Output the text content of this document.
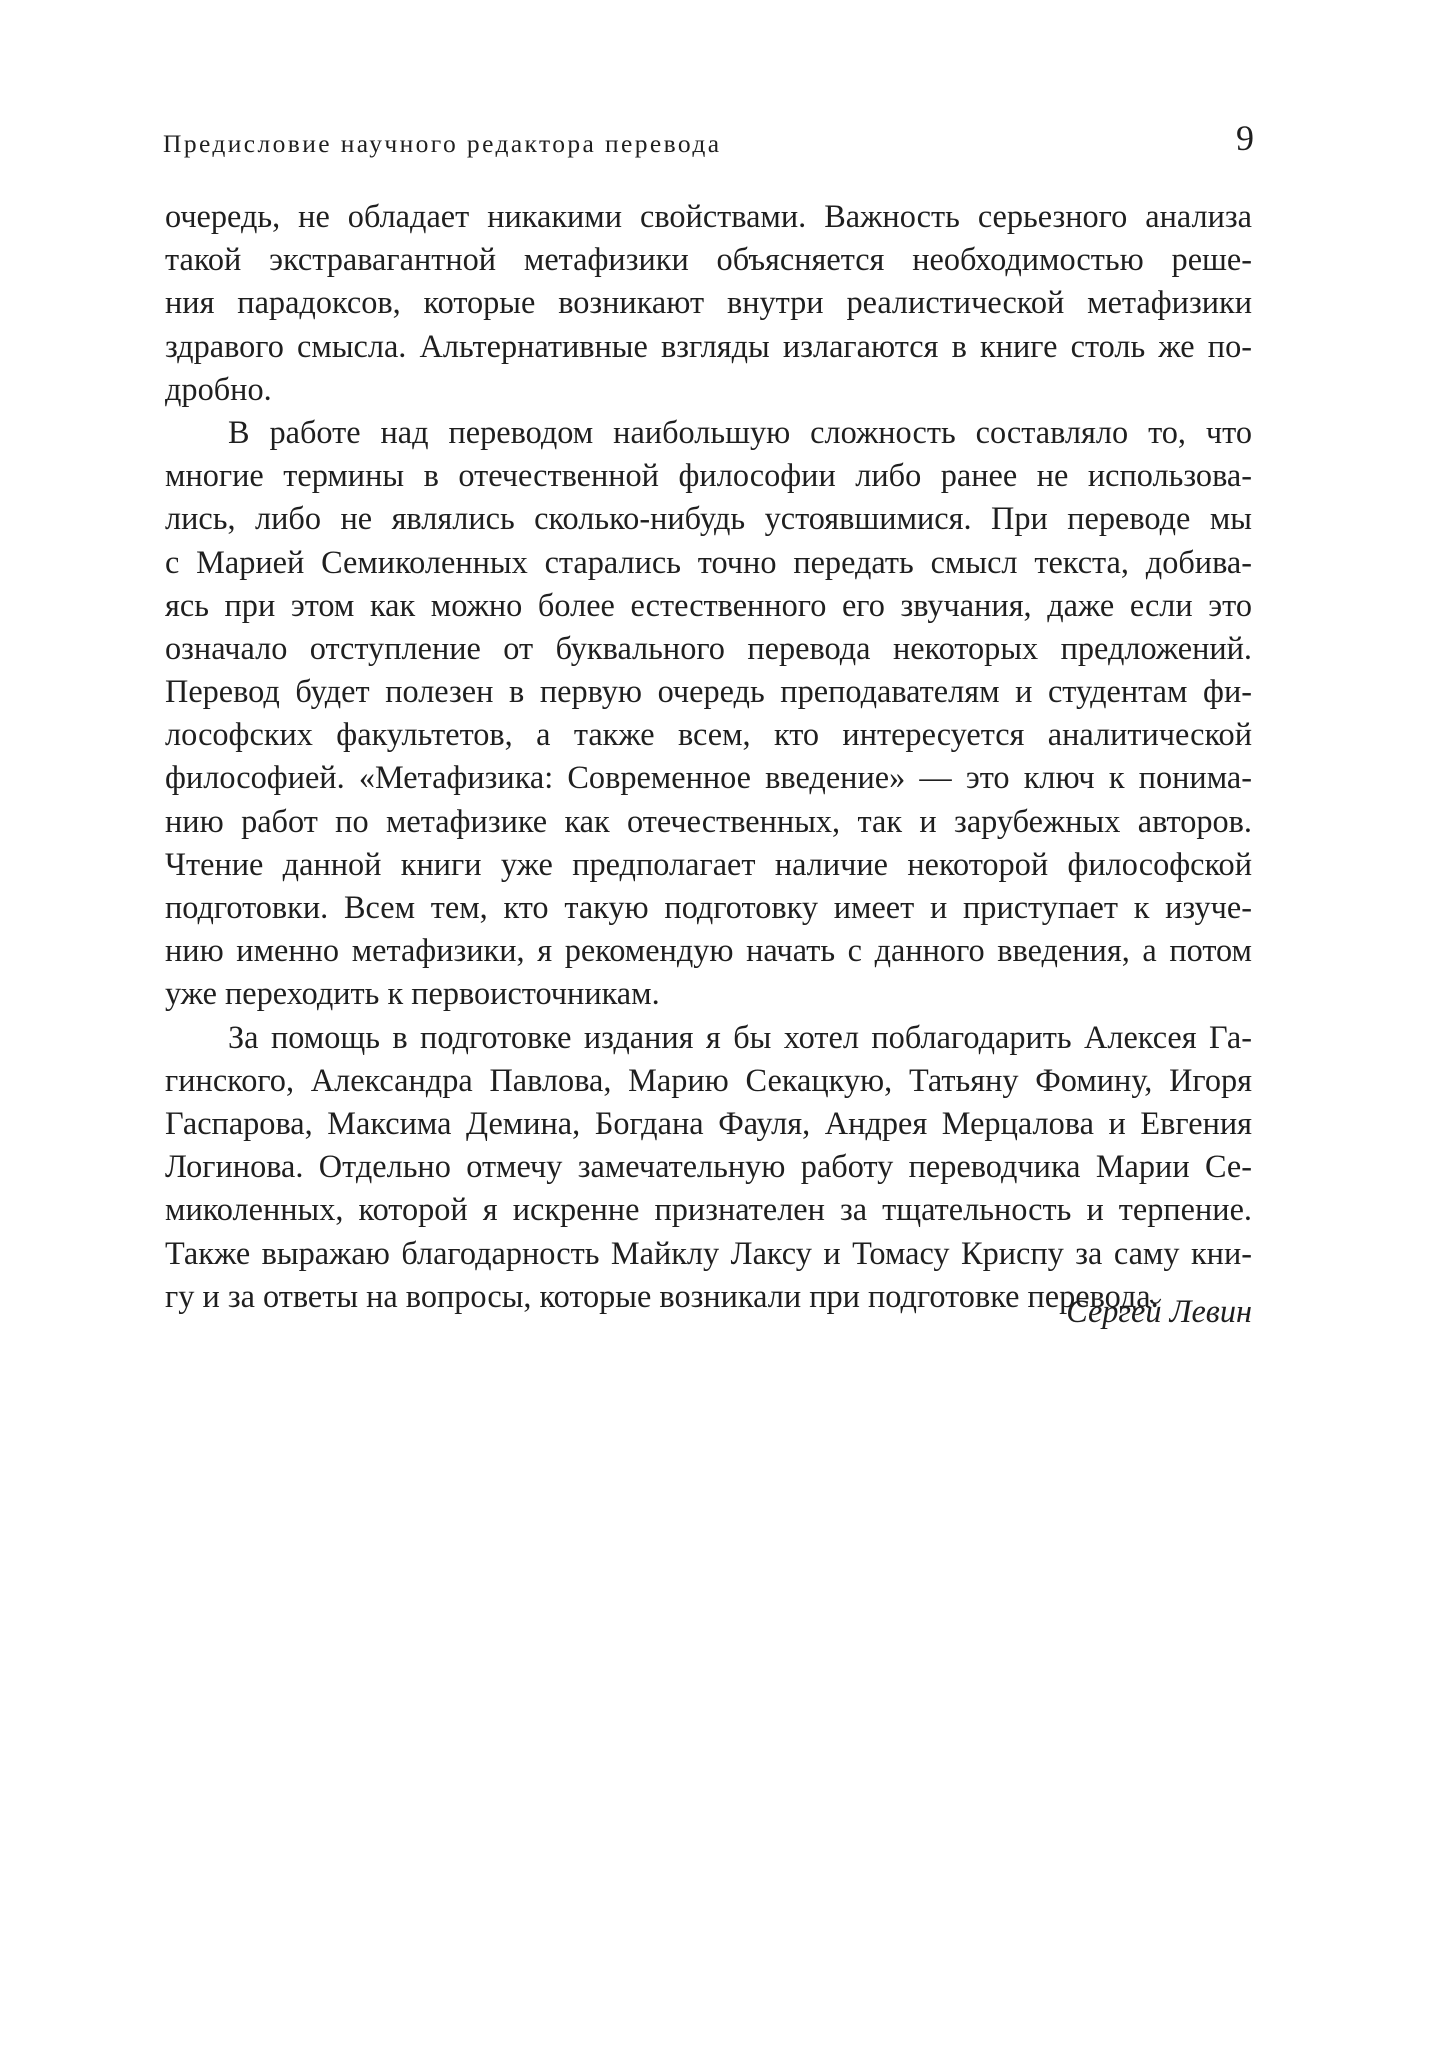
Предисловие научного редактора перевода	9
очередь, не обладает никакими свойствами. Важность серьезного анализа
такой экстравагантной метафизики объясняется необходимостью реше-
ния парадоксов, которые возникают внутри реалистической метафизики
здравого смысла. Альтернативные взгляды излагаются в книге столь же по-
дробно.
В работе над переводом наибольшую сложность составляло то, что
многие термины в отечественной философии либо ранее не использова-
лись, либо не являлись сколько-нибудь устоявшимися. При переводе мы
с Марией Семиколенных старались точно передать смысл текста, добива-
ясь при этом как можно более естественного его звучания, даже если это
означало отступление от буквального перевода некоторых предложений.
Перевод будет полезен в первую очередь преподавателям и студентам фи-
лософских факультетов, а также всем, кто интересуется аналитической
философией. «Метафизика: Современное введение» — это ключ к понима-
нию работ по метафизике как отечественных, так и зарубежных авторов.
Чтение данной книги уже предполагает наличие некоторой философской
подготовки. Всем тем, кто такую подготовку имеет и приступает к изуче-
нию именно метафизики, я рекомендую начать с данного введения, а потом
уже переходить к первоисточникам.
За помощь в подготовке издания я бы хотел поблагодарить Алексея Га-
гинского, Александра Павлова, Марию Секацкую, Татьяну Фомину, Игоря
Гаспарова, Максима Демина, Богдана Фауля, Андрея Мерцалова и Евгения
Логинова. Отдельно отмечу замечательную работу переводчика Марии Се-
миколенных, которой я искренне признателен за тщательность и терпение.
Также выражаю благодарность Майклу Лаксу и Томасу Криспу за саму кни-
гу и за ответы на вопросы, которые возникали при подготовке перевода.
Сергей Левин
